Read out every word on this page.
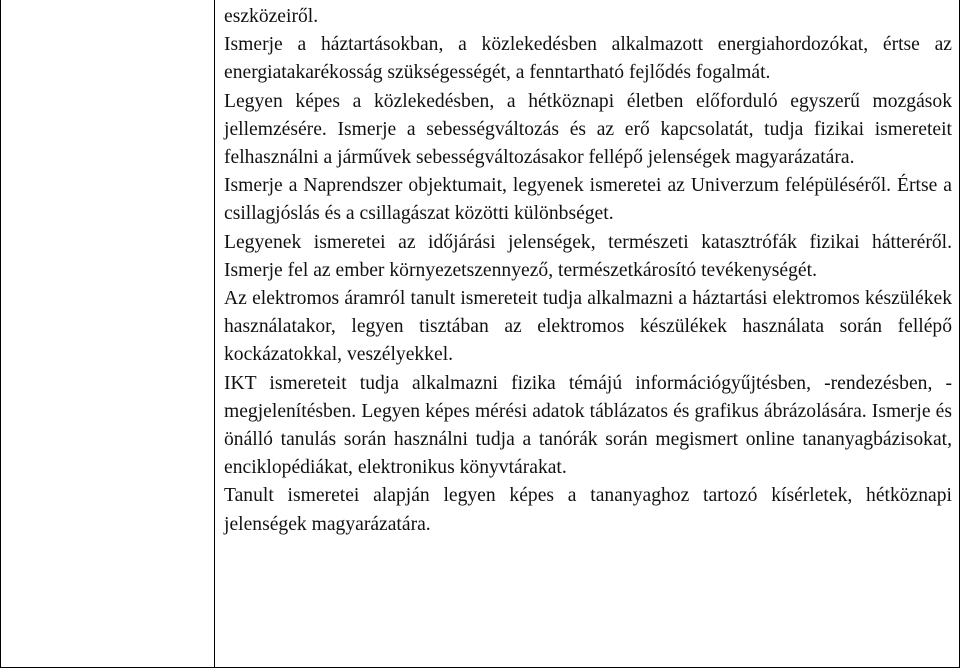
eszközeiről.

Ismerje a háztartásokban, a közlekedésben alkalmazott energiahordozókat, értse az energiatakarékosság szükségességét, a fenntartható fejlődés fogalmát.

Legyen képes a közlekedésben, a hétköznapi életben előforduló egyszerű mozgások jellemzésére. Ismerje a sebességváltozás és az erő kapcsolatát, tudja fizikai ismereteit felhasználni a járművek sebességváltozásakor fellépő jelenségek magyarázatára.

Ismerje a Naprendszer objektumait, legyenek ismeretei az Univerzum felépüléséről. Értse a csillagjóslás és a csillagászat közötti különbséget.

Legyenek ismeretei az időjárási jelenségek, természeti katasztrófák fizikai hátteréről. Ismerje fel az ember környezetszennyező, természetkárosító tevékenységét.

Az elektromos áramról tanult ismereteit tudja alkalmazni a háztartási elektromos készülékek használatakor, legyen tisztában az elektromos készülékek használata során fellépő kockázatokkal, veszélyekkel.

IKT ismereteit tudja alkalmazni fizika témájú információgyűjtésben, -rendezésben, -megjelenítésben. Legyen képes mérési adatok táblázatos és grafikus ábrázolására. Ismerje és önálló tanulás során használni tudja a tanórák során megismert online tananyagbázisokat, enciklopédiákat, elektronikus könyvtárakat.

Tanult ismeretei alapján legyen képes a tananyaghoz tartozó kísérletek, hétköznapi jelenségek magyarázatára.
